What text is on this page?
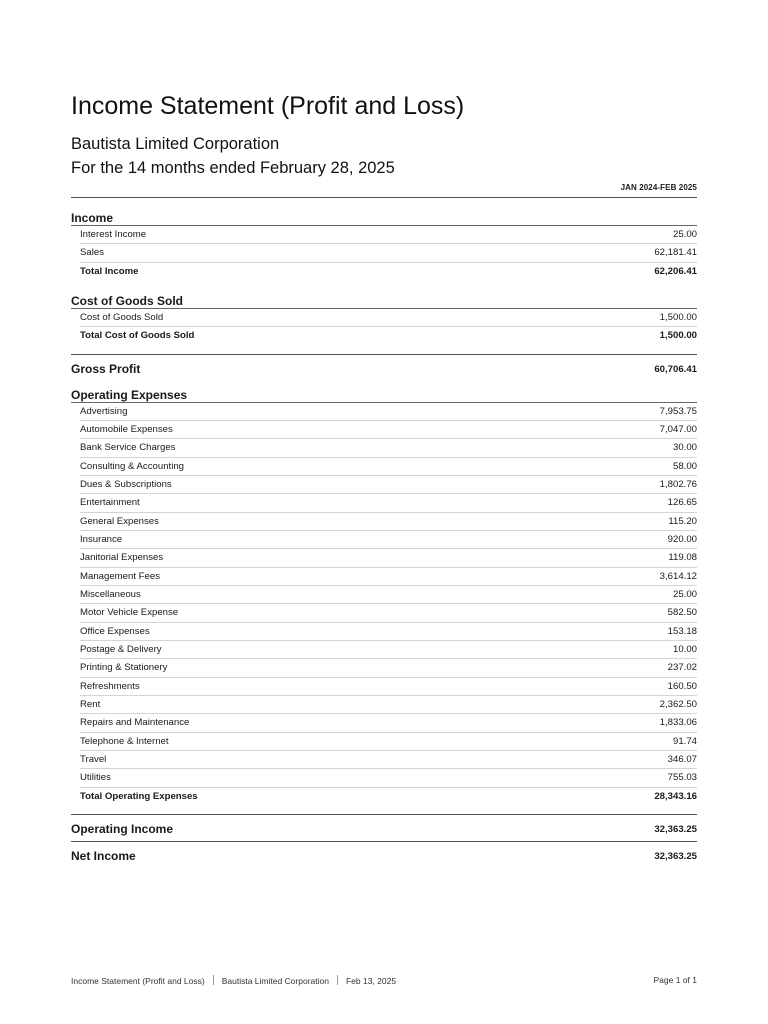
Income Statement (Profit and Loss)
Bautista Limited Corporation
For the 14 months ended February 28, 2025
JAN 2024-FEB 2025
Income
Interest Income	25.00
Sales	62,181.41
Total Income	62,206.41
Cost of Goods Sold
Cost of Goods Sold	1,500.00
Total Cost of Goods Sold	1,500.00
Gross Profit	60,706.41
Operating Expenses
Advertising	7,953.75
Automobile Expenses	7,047.00
Bank Service Charges	30.00
Consulting & Accounting	58.00
Dues & Subscriptions	1,802.76
Entertainment	126.65
General Expenses	115.20
Insurance	920.00
Janitorial Expenses	119.08
Management Fees	3,614.12
Miscellaneous	25.00
Motor Vehicle Expense	582.50
Office Expenses	153.18
Postage & Delivery	10.00
Printing & Stationery	237.02
Refreshments	160.50
Rent	2,362.50
Repairs and Maintenance	1,833.06
Telephone & Internet	91.74
Travel	346.07
Utilities	755.03
Total Operating Expenses	28,343.16
Operating Income	32,363.25
Net Income	32,363.25
Income Statement (Profit and Loss) Bautista Limited Corporation Feb 13, 2025	Page 1 of 1
